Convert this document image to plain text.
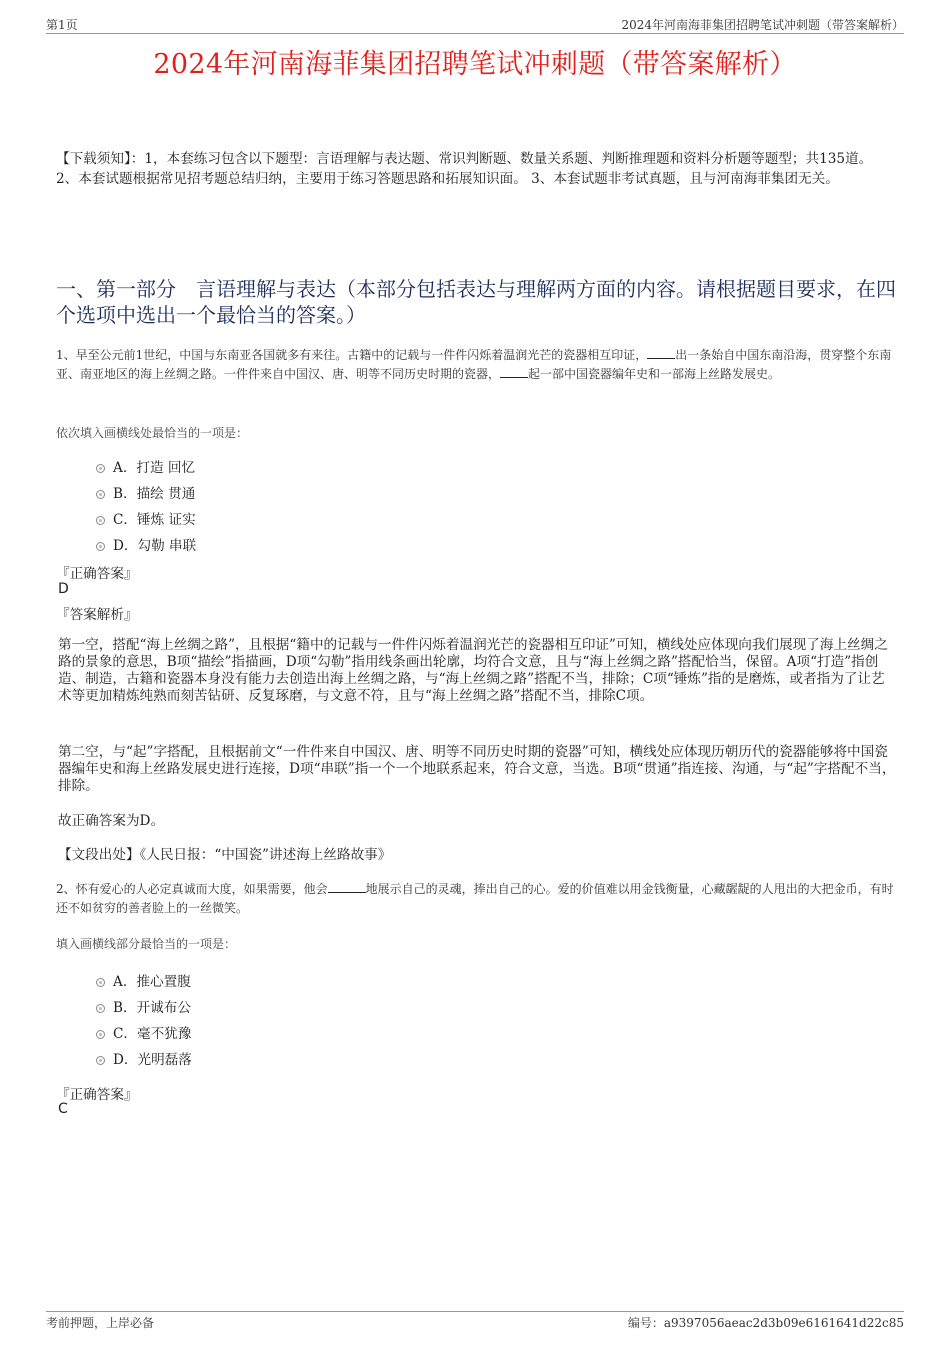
第1页	2024年河南海菲集团招聘笔试冲刺题（带答案解析）
2024年河南海菲集团招聘笔试冲刺题（带答案解析）
【下载须知】：1，本套练习包含以下题型：言语理解与表达题、常识判断题、数量关系题、判断推理题和资料分析题等题型；共135道。 2、本套试题根据常见招考题总结归纳，主要用于练习答题思路和拓展知识面。 3、本套试题非考试真题，且与河南海菲集团无关。
一、第一部分　言语理解与表达（本部分包括表达与理解两方面的内容。请根据题目要求，在四个选项中选出一个最恰当的答案。）
1、早至公元前1世纪，中国与东南亚各国就多有来往。古籍中的记载与一件件闪烁着温润光芒的瓷器相互印证， 出一条始自中国东南沿海，贯穿整个东南亚、南亚地区的海上丝绸之路。一件件来自中国汉、唐、明等不同历史时期的瓷器， 起一部中国瓷器编年史和一部海上丝路发展史。
依次填入画横线处最恰当的一项是：
A． 打造 回忆
B． 描绘 贯通
C． 锤炼 证实
D． 勾勒 串联
『正确答案』
D
『答案解析』
第一空，搭配“海上丝绸之路”，且根据“籍中的记载与一件件闪烁着温润光芒的瓷器相互印证”可知，横线处应体现向我们展现了海上丝绸之路的景象的意思，B项“描绘”指描画，D项“勾勒”指用线条画出轮廓，均符合文意，且与“海上丝绸之路”搭配恰当，保留。A项“打造”指创造、制造，古籍和瓷器本身没有能力去创造出海上丝绸之路，与“海上丝绸之路”搭配不当，排除；C项“锤炼”指的是磨炼，或者指为了让艺术等更加精炼纯熟而刻苦钻研、反复琢磨，与文意不符，且与“海上丝绸之路”搭配不当，排除C项。
第二空，与“起”字搭配，且根据前文“一件件来自中国汉、唐、明等不同历史时期的瓷器”可知，横线处应体现历朝历代的瓷器能够将中国瓷器编年史和海上丝路发展史进行连接，D项“串联”指一个一个地联系起来，符合文意，当选。B项“贯通”指连接、沟通，与“起”字搭配不当，排除。
故正确答案为D。
【文段出处】《人民日报：“中国瓷”讲述海上丝路故事》
2、怀有爱心的人必定真诚而大度，如果需要，他会	地展示自己的灵魂，捧出自己的心。爱的价值难以用金钱衡量，心藏龌龊的人甩出的大把金币，有时还不如贫穷的善者脸上的一丝微笑。
填入画横线部分最恰当的一项是：
A． 推心置腹
B． 开诚布公
C． 毫不犹豫
D． 光明磊落
『正确答案』
C
考前押题，上岸必备	编号：a9397056aeac2d3b09e6161641d22c85
